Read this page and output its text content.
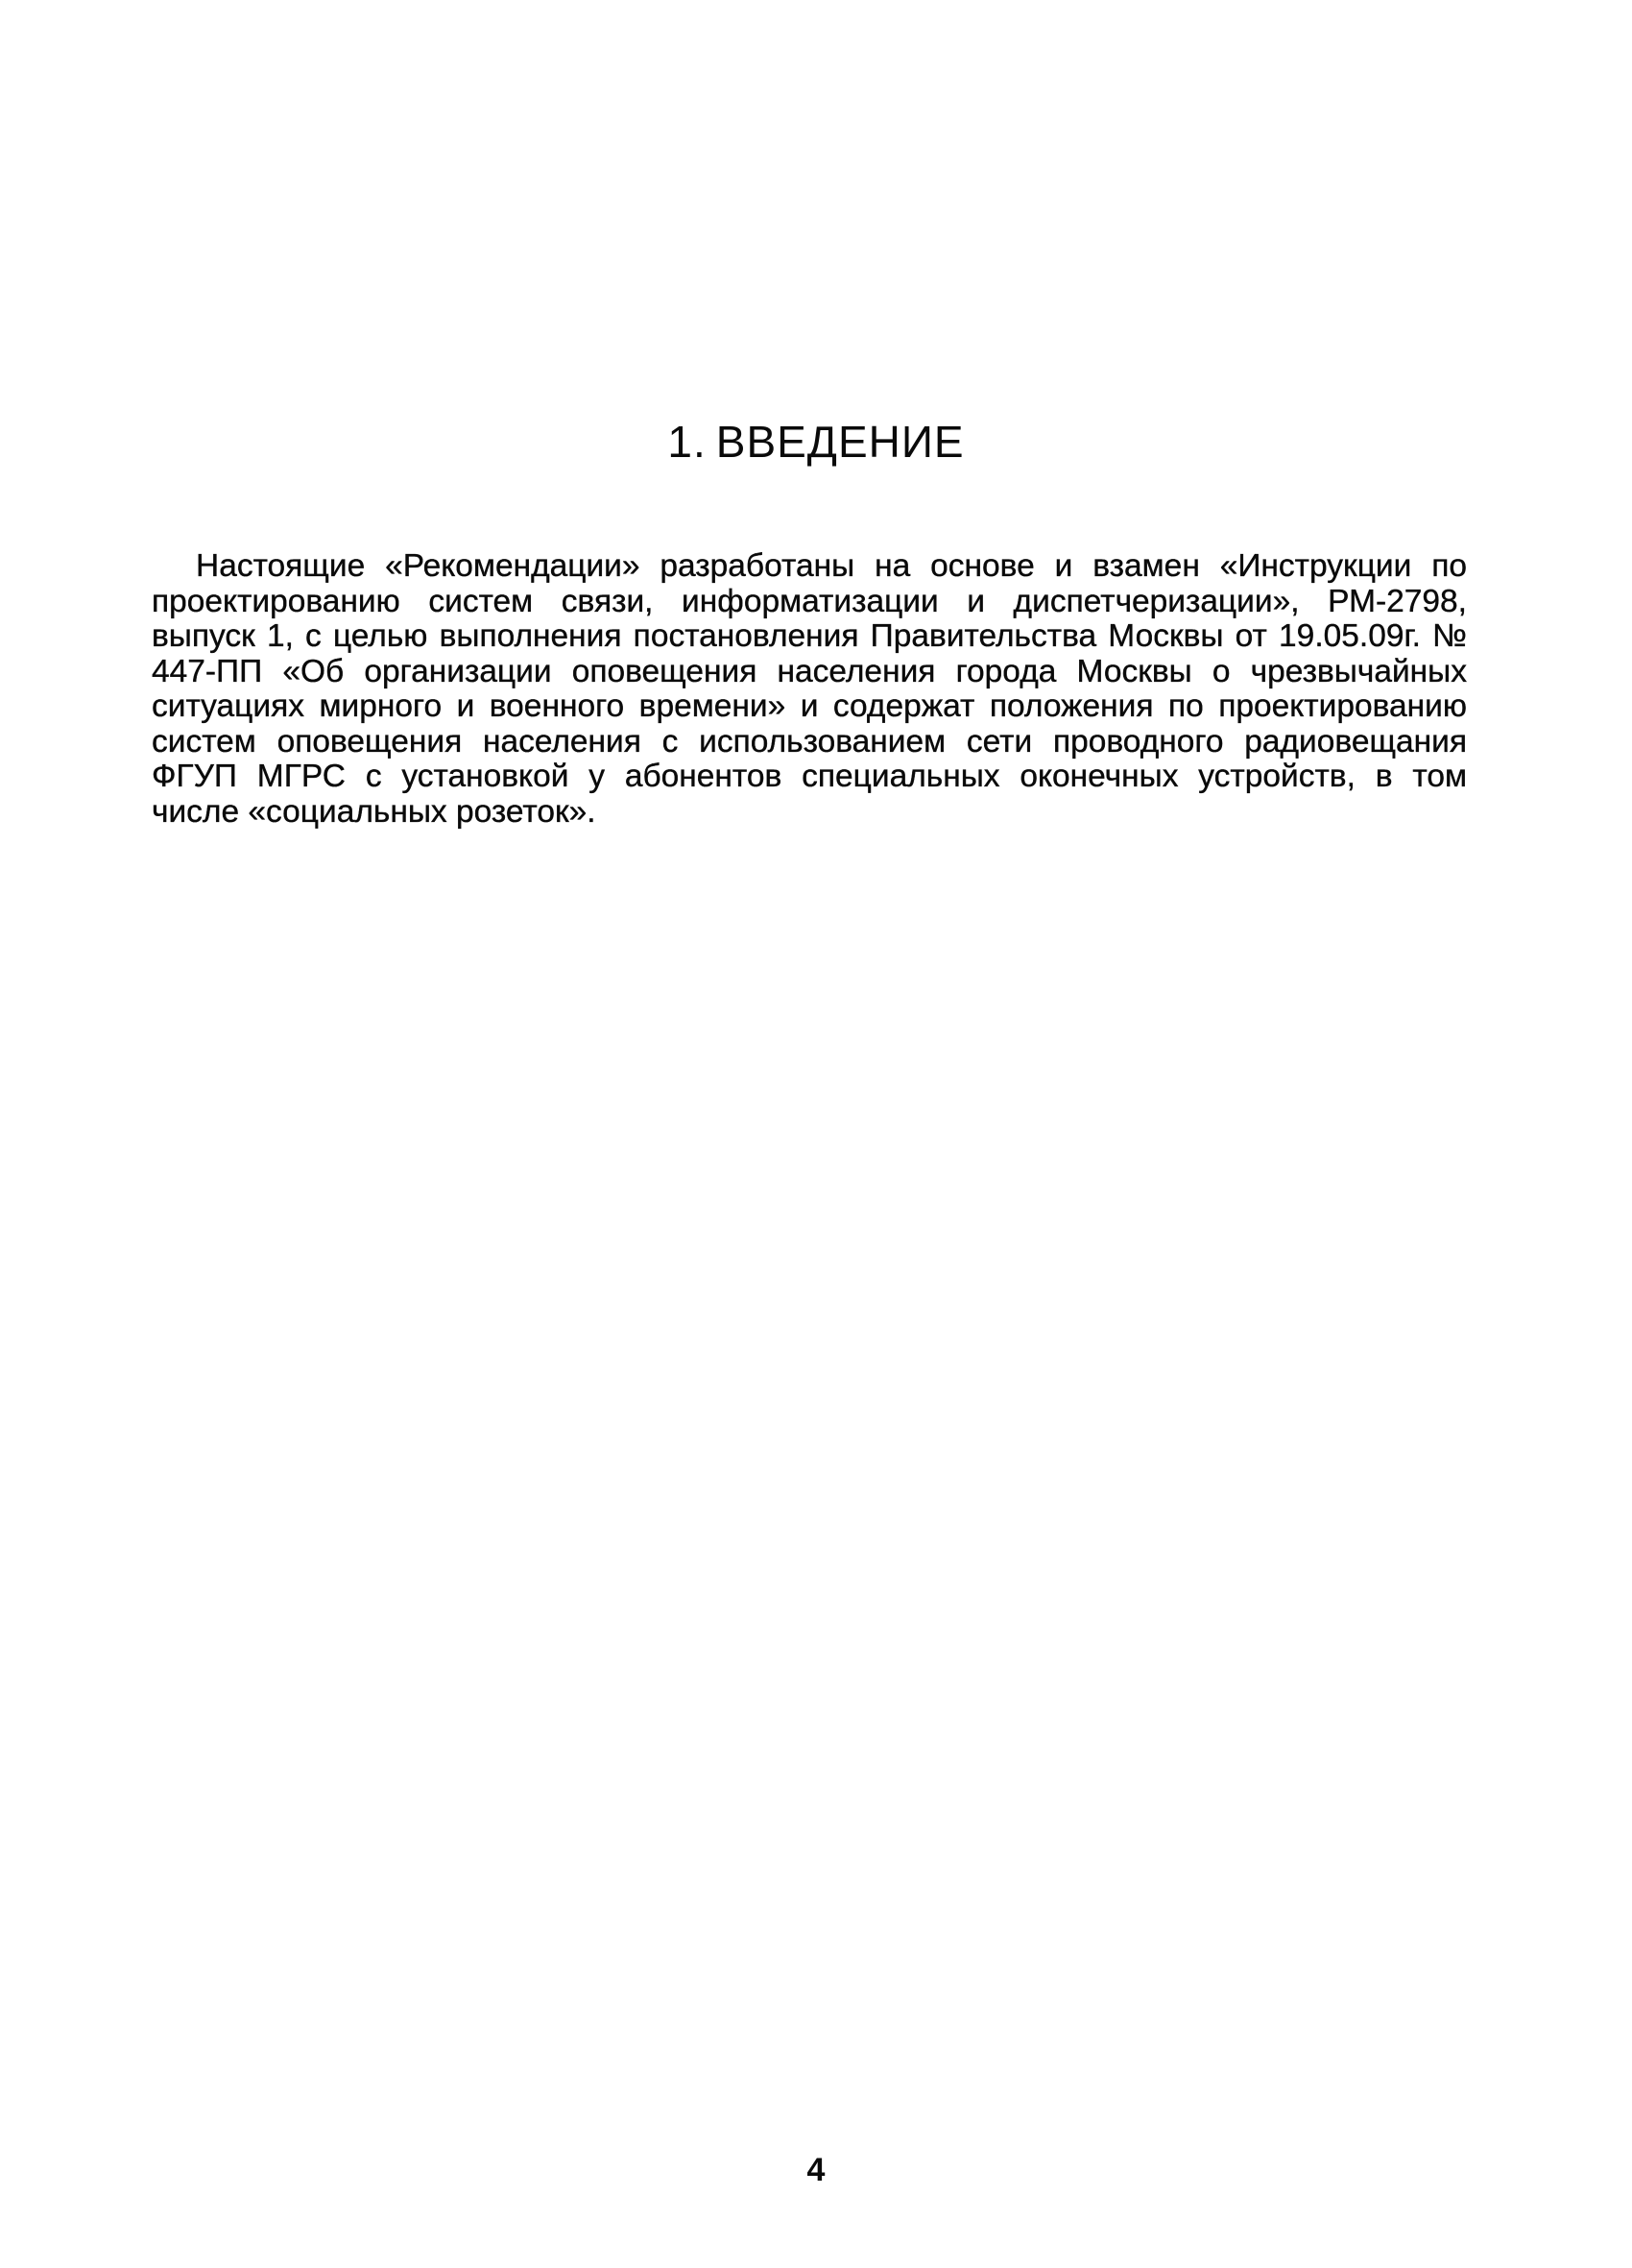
1. ВВЕДЕНИЕ

Настоящие «Рекомендации» разработаны на основе и взамен «Инструкции по
проектированию систем связи, информатизации и диспетчеризации», РМ-2798,
выпуск 1, с целью выполнения постановления Правительства Москвы от 19.05.09г. №
447-ПП «Об организации оповещения населения города Москвы о чрезвычайных
ситуациях мирного и военного времени» и содержат положения по проектированию
систем оповещения населения с использованием сети проводного радиовещания
ФГУП МГРС с установкой у абонентов специальных оконечных устройств, в том
числе «социальных розеток».

4
